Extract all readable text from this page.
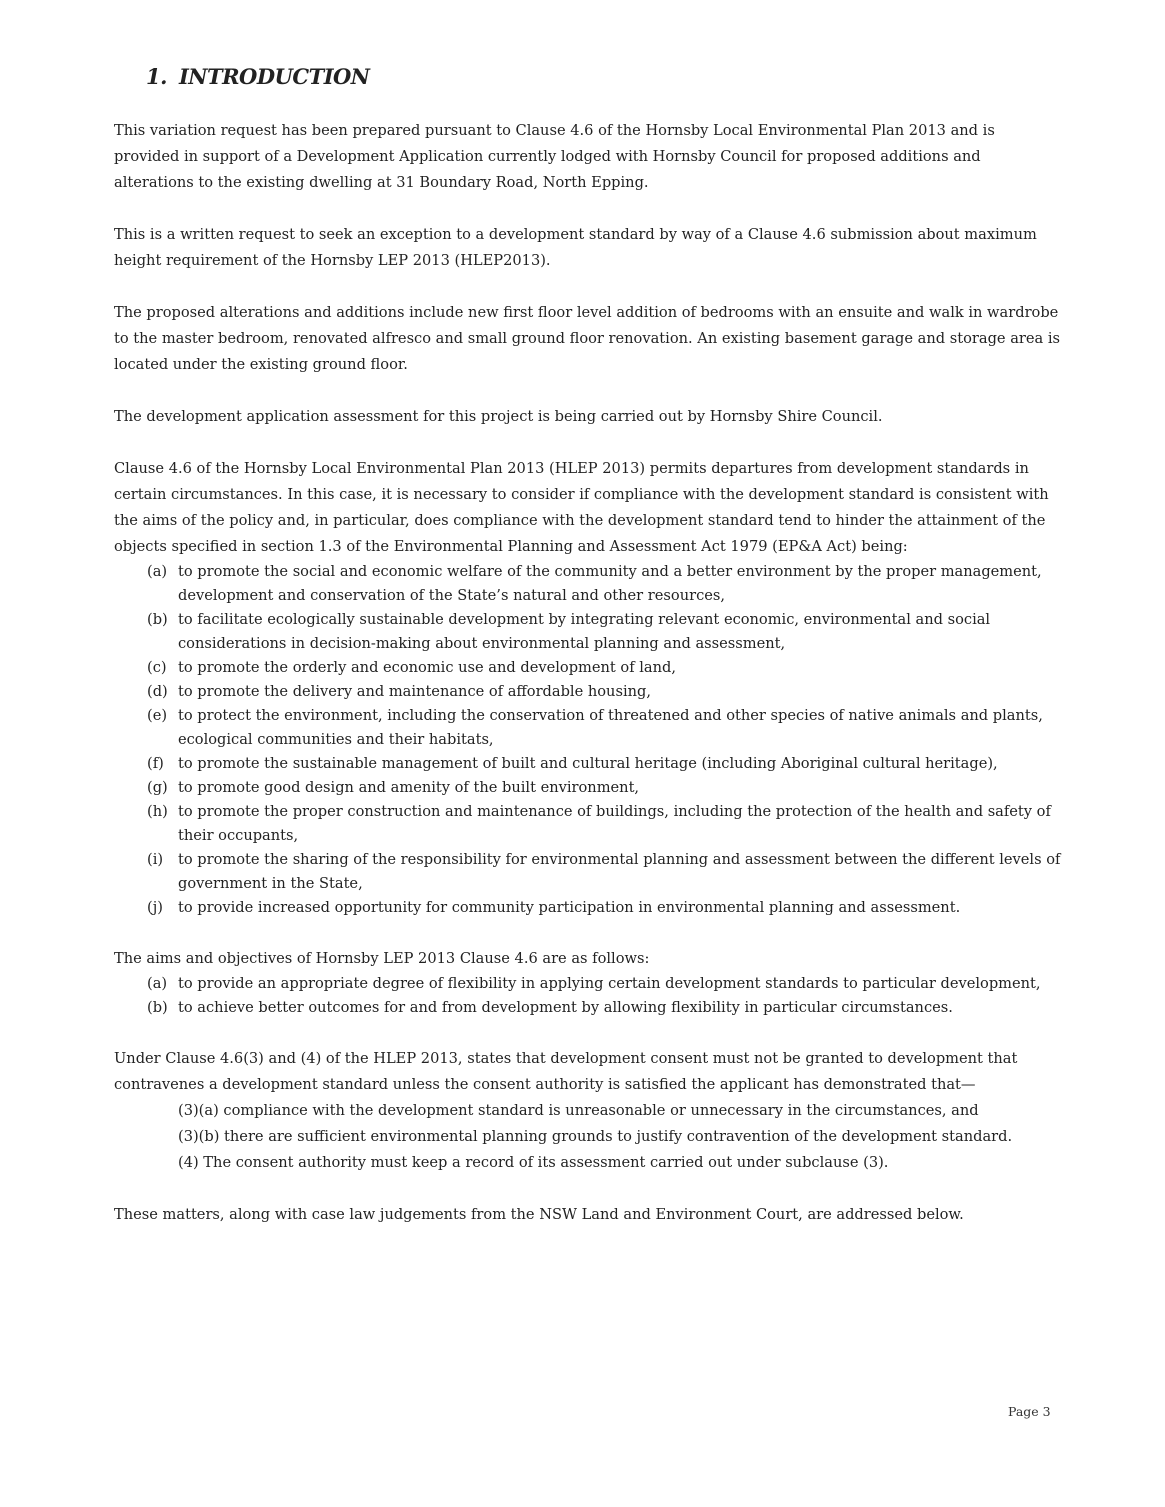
1. INTRODUCTION

This variation request has been prepared pursuant to Clause 4.6 of the Hornsby Local Environmental Plan 2013 and is provided in support of a Development Application currently lodged with Hornsby Council for proposed additions and alterations to the existing dwelling at 31 Boundary Road, North Epping.

This is a written request to seek an exception to a development standard by way of a Clause 4.6 submission about maximum height requirement of the Hornsby LEP 2013 (HLEP2013).

The proposed alterations and additions include new first floor level addition of bedrooms with an ensuite and walk in wardrobe to the master bedroom, renovated alfresco and small ground floor renovation. An existing basement garage and storage area is located under the existing ground floor.

The development application assessment for this project is being carried out by Hornsby Shire Council.

Clause 4.6 of the Hornsby Local Environmental Plan 2013 (HLEP 2013) permits departures from development standards in certain circumstances. In this case, it is necessary to consider if compliance with the development standard is consistent with the aims of the policy and, in particular, does compliance with the development standard tend to hinder the attainment of the objects specified in section 1.3 of the Environmental Planning and Assessment Act 1979 (EP&A Act) being:

(a) to promote the social and economic welfare of the community and a better environment by the proper management, development and conservation of the State’s natural and other resources,
(b) to facilitate ecologically sustainable development by integrating relevant economic, environmental and social considerations in decision-making about environmental planning and assessment,
(c) to promote the orderly and economic use and development of land,
(d) to promote the delivery and maintenance of affordable housing,
(e) to protect the environment, including the conservation of threatened and other species of native animals and plants, ecological communities and their habitats,
(f) to promote the sustainable management of built and cultural heritage (including Aboriginal cultural heritage),
(g) to promote good design and amenity of the built environment,
(h) to promote the proper construction and maintenance of buildings, including the protection of the health and safety of their occupants,
(i) to promote the sharing of the responsibility for environmental planning and assessment between the different levels of government in the State,
(j) to provide increased opportunity for community participation in environmental planning and assessment.

The aims and objectives of Hornsby LEP 2013 Clause 4.6 are as follows:

(a) to provide an appropriate degree of flexibility in applying certain development standards to particular development,
(b) to achieve better outcomes for and from development by allowing flexibility in particular circumstances.

Under Clause 4.6(3) and (4) of the HLEP 2013, states that development consent must not be granted to development that contravenes a development standard unless the consent authority is satisfied the applicant has demonstrated that—

(3)(a) compliance with the development standard is unreasonable or unnecessary in the circumstances, and
(3)(b) there are sufficient environmental planning grounds to justify contravention of the development standard.
(4) The consent authority must keep a record of its assessment carried out under subclause (3).

These matters, along with case law judgements from the NSW Land and Environment Court, are addressed below.

Page 3
